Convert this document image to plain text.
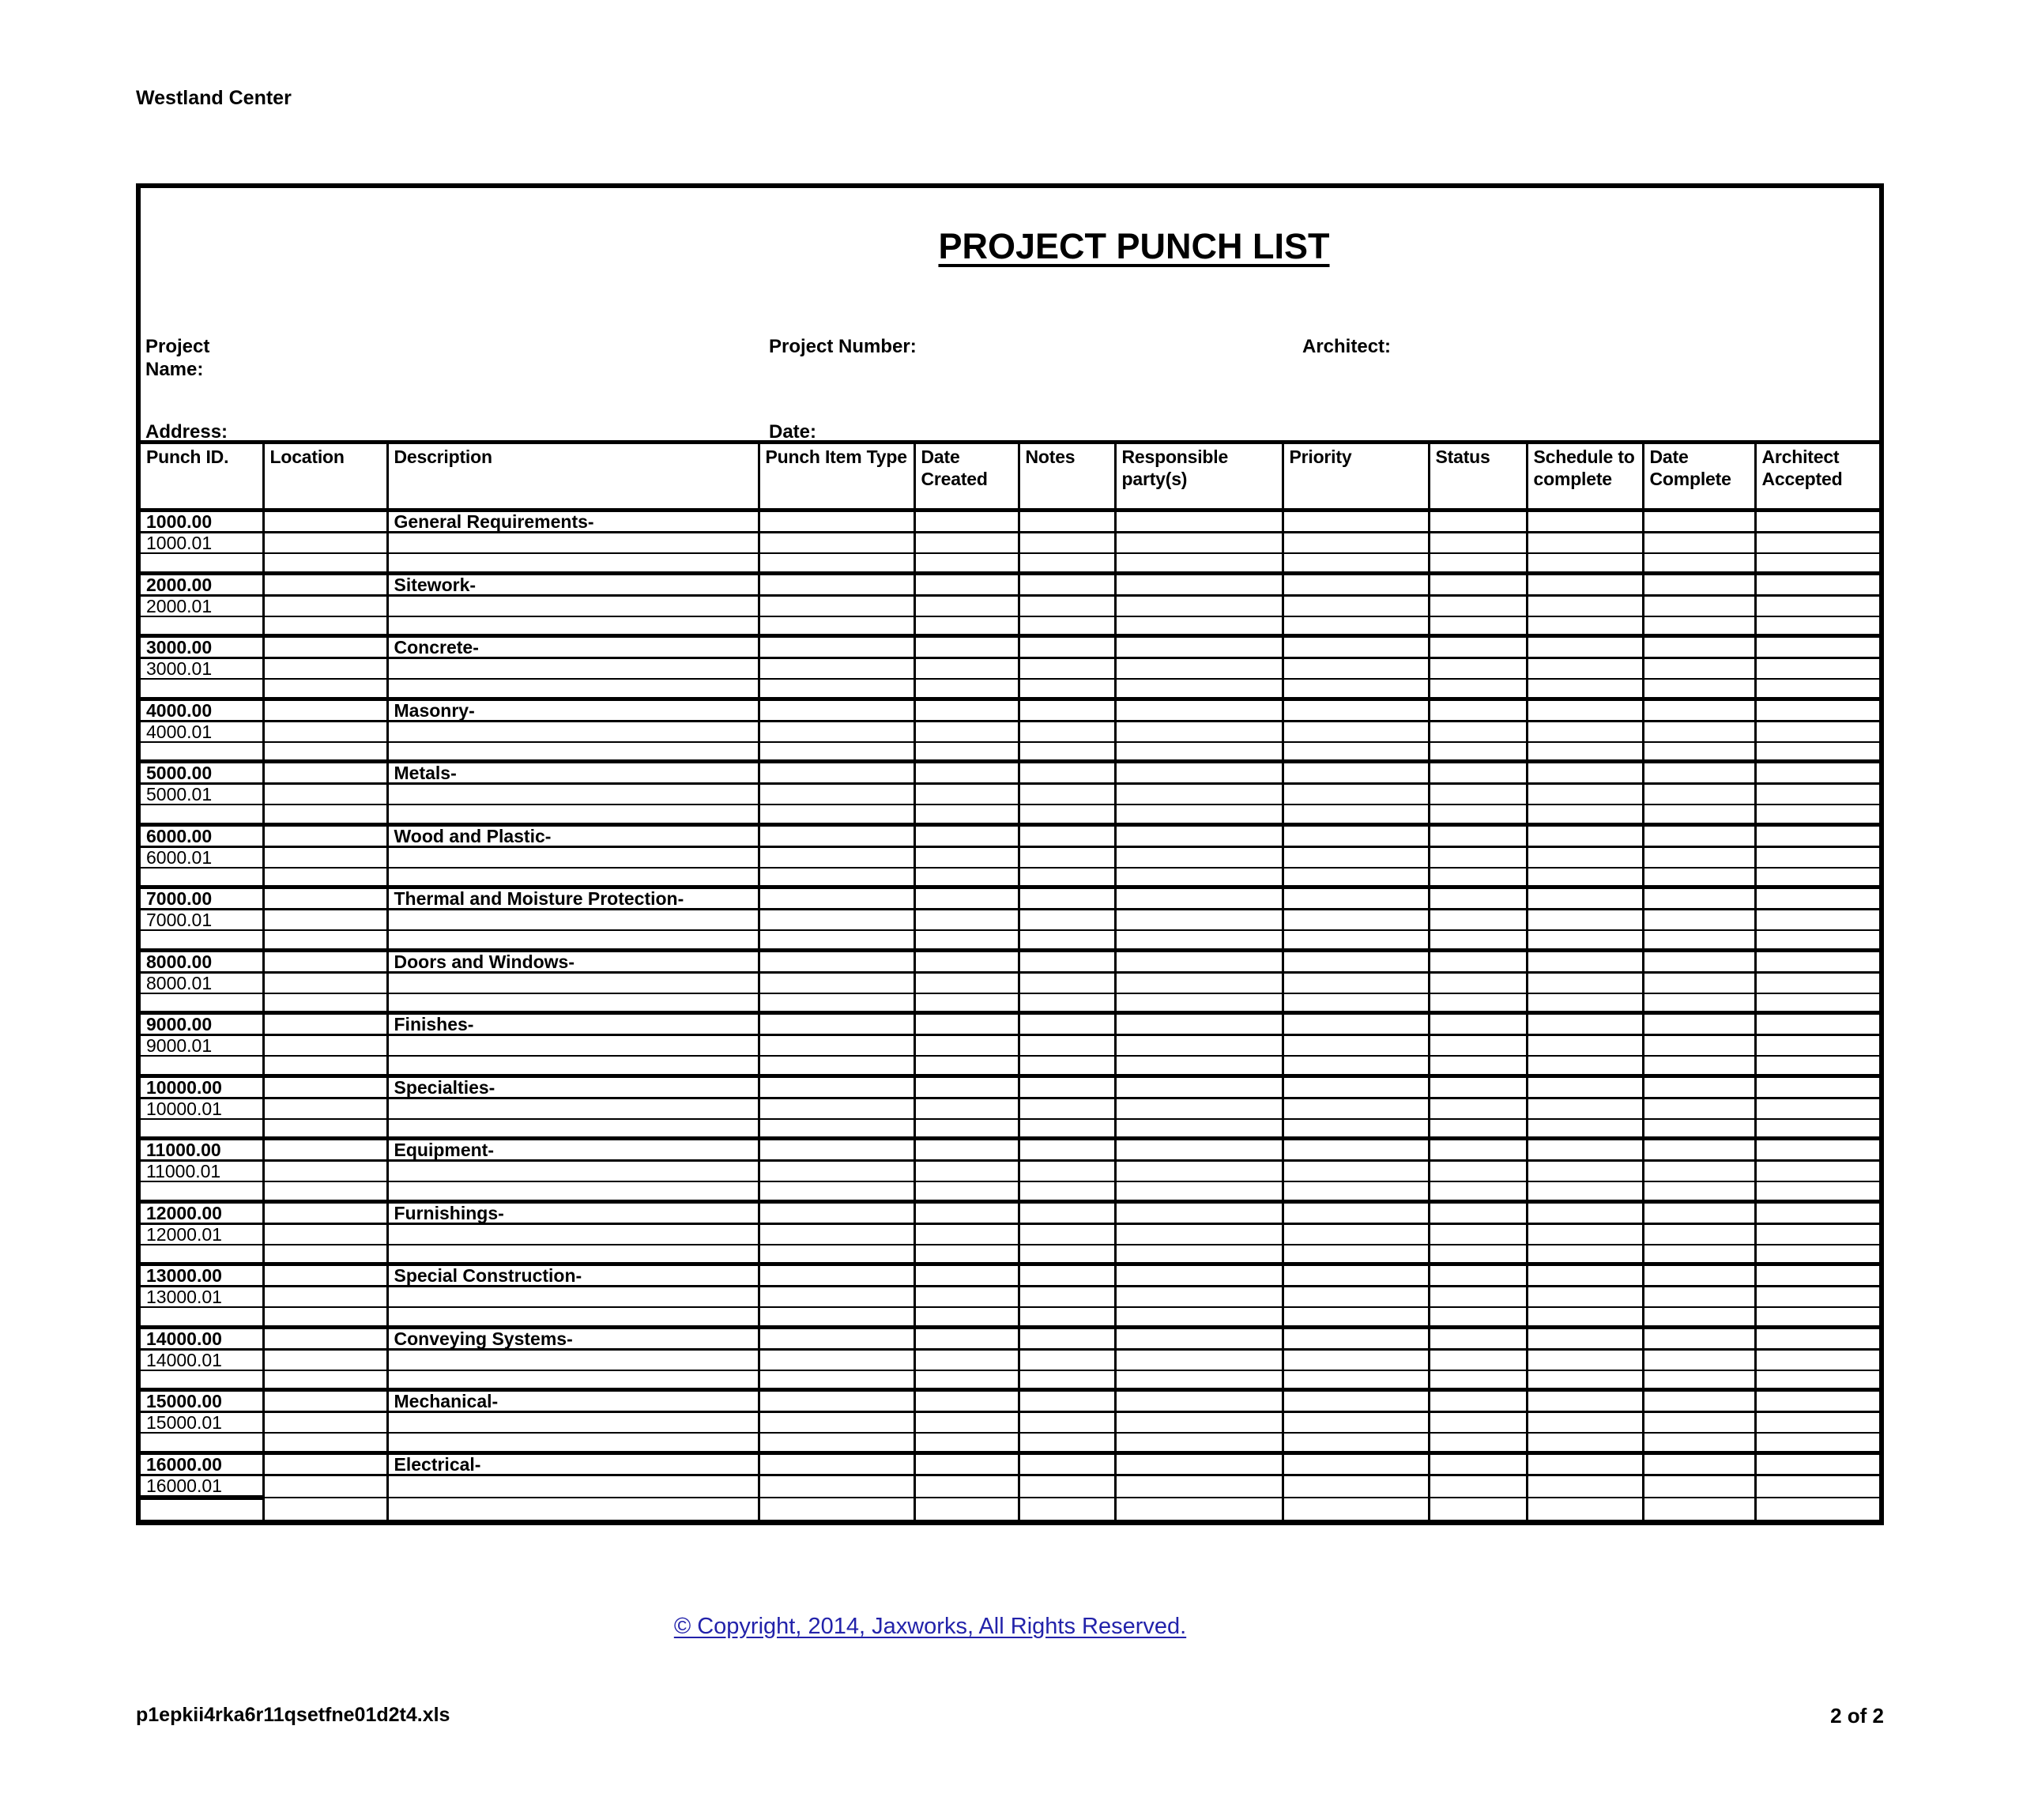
Westland Center
PROJECT PUNCH LIST
Project Name:
Project Number:	Architect:
Address:	Date:
Punch ID.	Location	Description	Punch Item Type	Date Created	Notes	Responsible party(s)	Priority	Status	Schedule to complete	Date Complete	Architect Accepted
1000.00		General Requirements-									
1000.01											

2000.00		Sitework-									
2000.01											

3000.00		Concrete-									
3000.01											

4000.00		Masonry-									
4000.01											

5000.00		Metals-									
5000.01											

6000.00		Wood and Plastic-									
6000.01											

7000.00		Thermal and Moisture Protection-									
7000.01											

8000.00		Doors and Windows-									
8000.01											

9000.00		Finishes-									
9000.01											

10000.00		Specialties-									
10000.01											

11000.00		Equipment-									
11000.01											

12000.00		Furnishings-									
12000.01											

13000.00		Special Construction-									
13000.01											

14000.00		Conveying Systems-									
14000.01											

15000.00		Mechanical-									
15000.01											

16000.00		Electrical-									
16000.01											

© Copyright, 2014, Jaxworks, All Rights Reserved.
p1epkii4rka6r11qsetfne01d2t4.xls	2 of 2
